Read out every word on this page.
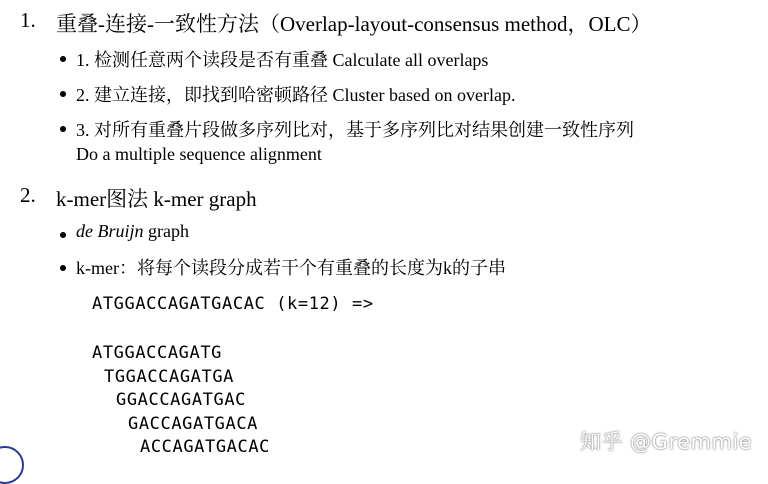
1. 重叠-连接-一致性方法（Overlap-layout-consensus method，OLC）
1. 检测任意两个读段是否有重叠 Calculate all overlaps
2. 建立连接，即找到哈密顿路径 Cluster based on overlap.
3. 对所有重叠片段做多序列比对，基于多序列比对结果创建一致性序列
Do a multiple sequence alignment
2. k-mer图法 k-mer graph
de Bruijn graph
k-mer：将每个读段分成若干个有重叠的长度为k的子串
ATGGACCAGATGACAC (k=12) =>
ATGGACCAGATG
TGGACCAGATGA
GGACCAGATGAC
GACCAGATGACA
ACCAGATGACAC	知乎 @Gremmie
